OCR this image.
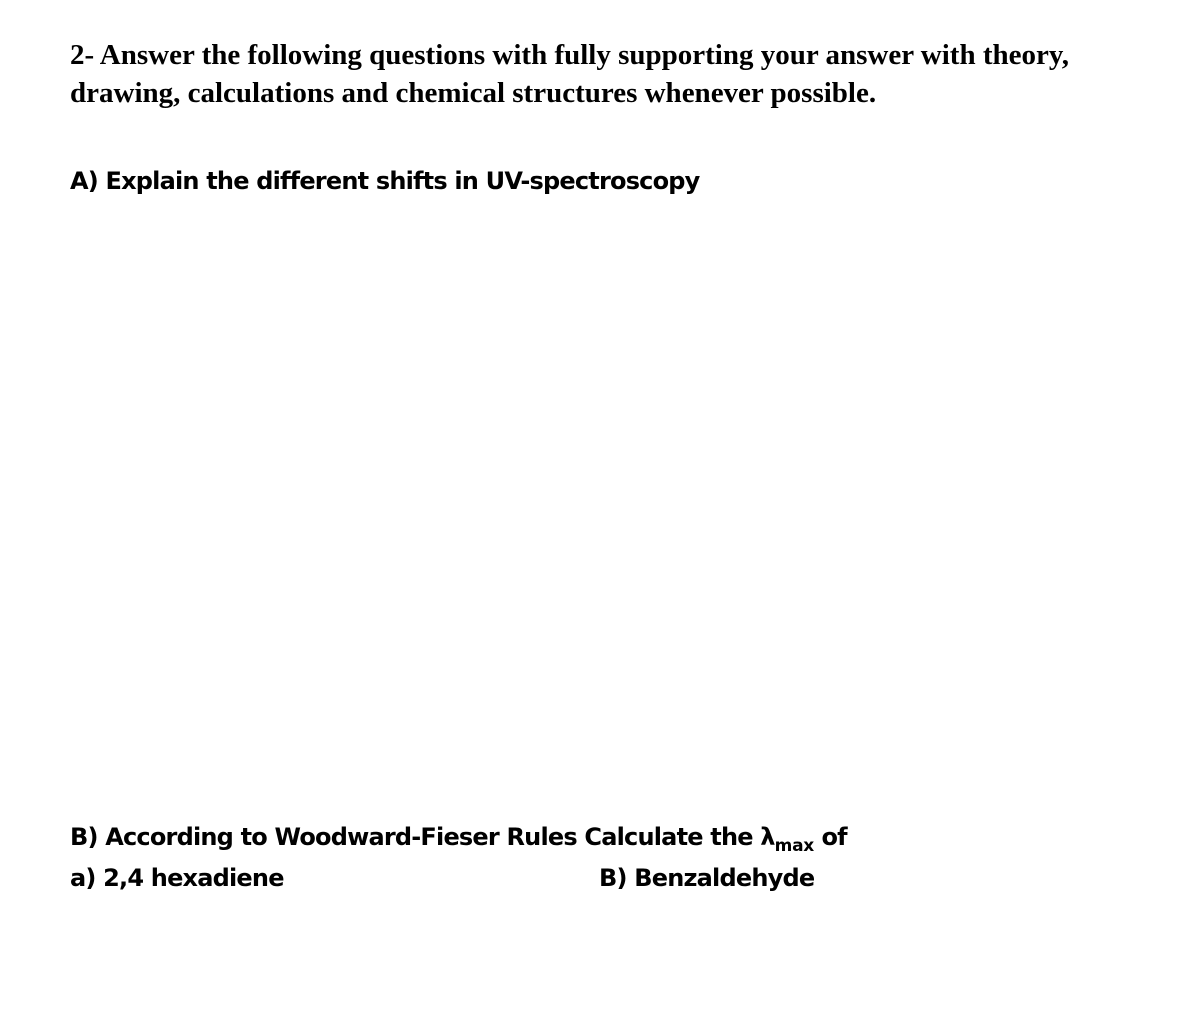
2- Answer the following questions with fully supporting your answer with theory,
drawing, calculations and chemical structures whenever possible.
A) Explain the different shifts in UV-spectroscopy
B) According to Woodward-Fieser Rules Calculate the $\lambda_{max}$ of
a) 2,4 hexadiene	B) Benzaldehyde
